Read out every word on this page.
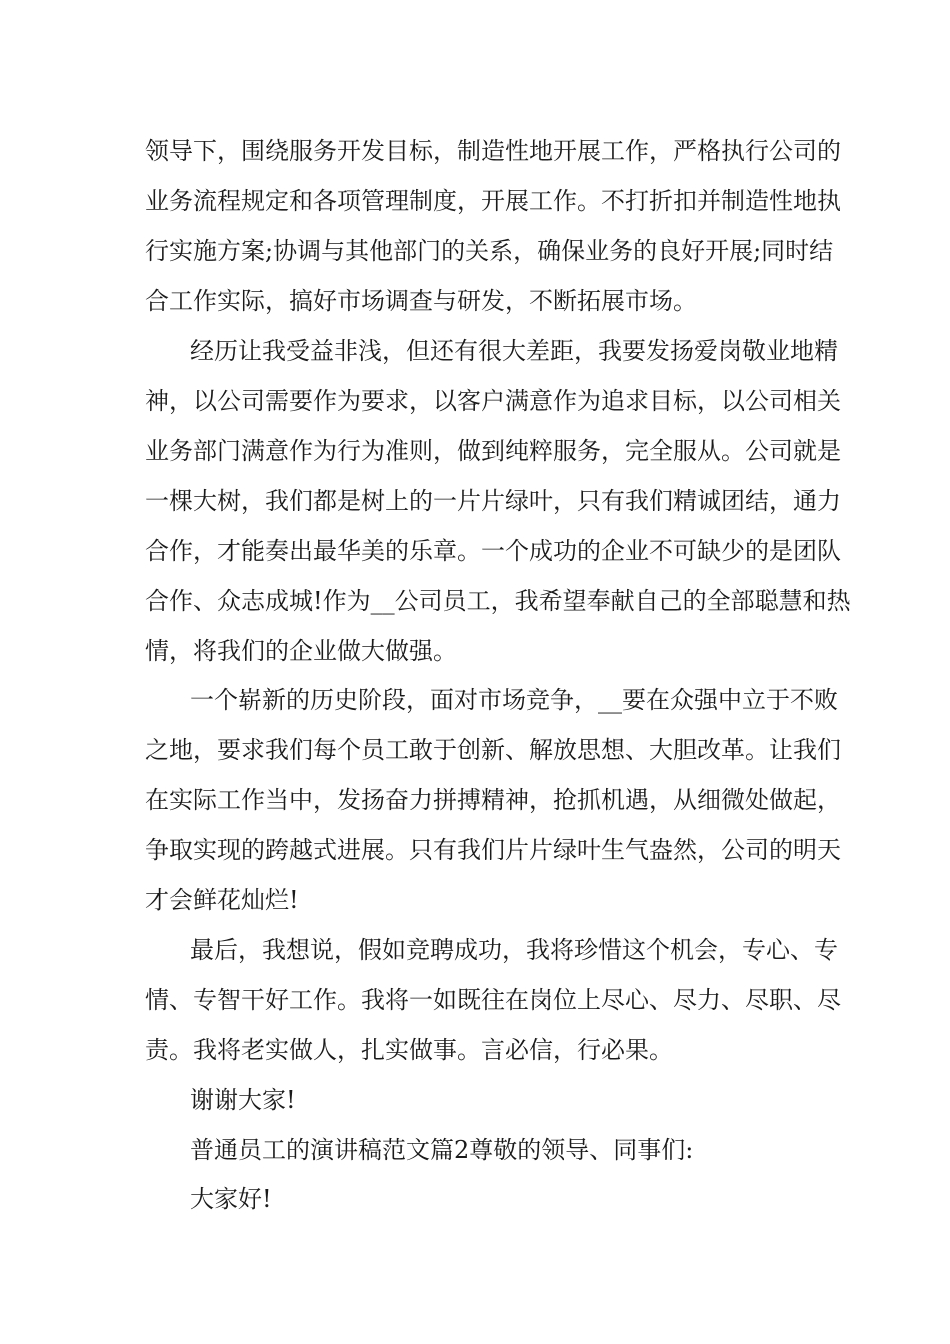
领导下，围绕服务开发目标，制造性地开展工作，严格执行公司的

业务流程规定和各项管理制度，开展工作。不打折扣并制造性地执

行实施方案;协调与其他部门的关系，确保业务的良好开展;同时结

合工作实际，搞好市场调查与研发，不断拓展市场。

经历让我受益非浅，但还有很大差距，我要发扬爱岗敬业地精

神，以公司需要作为要求，以客户满意作为追求目标，以公司相关

业务部门满意作为行为准则，做到纯粹服务，完全服从。公司就是

一棵大树，我们都是树上的一片片绿叶，只有我们精诚团结，通力

合作，才能奏出最华美的乐章。一个成功的企业不可缺少的是团队

合作、众志成城!作为__公司员工，我希望奉献自己的全部聪慧和热

情，将我们的企业做大做强。

一个崭新的历史阶段，面对市场竞争，__要在众强中立于不败

之地，要求我们每个员工敢于创新、解放思想、大胆改革。让我们

在实际工作当中，发扬奋力拼搏精神，抢抓机遇，从细微处做起，

争取实现的跨越式进展。只有我们片片绿叶生气盎然，公司的明天

才会鲜花灿烂!

最后，我想说，假如竞聘成功，我将珍惜这个机会，专心、专

情、专智干好工作。我将一如既往在岗位上尽心、尽力、尽职、尽

责。我将老实做人，扎实做事。言必信，行必果。

谢谢大家!

普通员工的演讲稿范文篇2尊敬的领导、同事们:

大家好!
